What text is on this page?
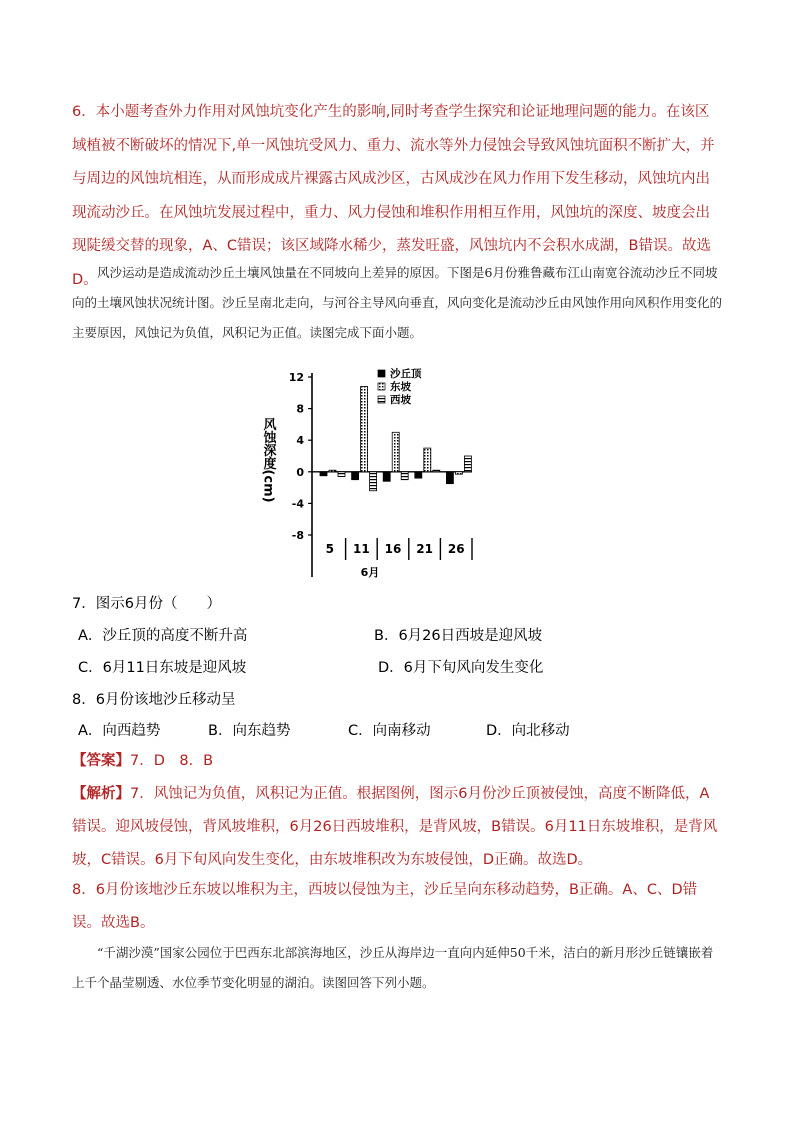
6．本小题考查外力作用对风蚀坑变化产生的影响,同时考查学生探究和论证地理问题的能力。在该区域植被不断破坏的情况下,单一风蚀坑受风力、重力、流水等外力侵蚀会导致风蚀坑面积不断扩大，并与周边的风蚀坑相连，从而形成成片裸露古风成沙区，古风成沙在风力作用下发生移动，风蚀坑内出现流动沙丘。在风蚀坑发展过程中，重力、风力侵蚀和堆积作用相互作用，风蚀坑的深度、坡度会出现陡缓交替的现象，A、C错误；该区域降水稀少，蒸发旺盛，风蚀坑内不会积水成湖，B错误。故选D。 风沙运动是造成流动沙丘土壤风蚀量在不同坡向上差异的原因。下图是6月份雅鲁藏布江山南宽谷流动沙丘不同坡向的土壤风蚀状况统计图。沙丘呈南北走向，与河谷主导风向垂直，风向变化是流动沙丘由风蚀作用向风积作用变化的主要原因，风蚀记为负值，风积记为正值。读图完成下面小题。
12
8
4
0
-4
-8
5 11 16 21 26
沙丘顶
东坡
西坡
风蚀深度(cm)
6月
7．图示6月份（　　）
A．沙丘顶的高度不断升高	B．6月26日西坡是迎风坡
C．6月11日东坡是迎风坡	D．6月下旬风向发生变化
8．6月份该地沙丘移动呈
A．向西趋势	B．向东趋势	C．向南移动	D．向北移动
【答案】7．D　8．B
【解析】7．风蚀记为负值，风积记为正值。根据图例，图示6月份沙丘顶被侵蚀，高度不断降低，A错误。迎风坡侵蚀，背风坡堆积，6月26日西坡堆积，是背风坡，B错误。6月11日东坡堆积，是背风坡，C错误。6月下旬风向发生变化，由东坡堆积改为东坡侵蚀，D正确。故选D。
8．6月份该地沙丘东坡以堆积为主，西坡以侵蚀为主，沙丘呈向东移动趋势，B正确。A、C、D错误。故选B。
“千湖沙漠”国家公园位于巴西东北部滨海地区，沙丘从海岸边一直向内延伸50千米，洁白的新月形沙丘链镶嵌着上千个晶莹剔透、水位季节变化明显的湖泊。读图回答下列小题。
